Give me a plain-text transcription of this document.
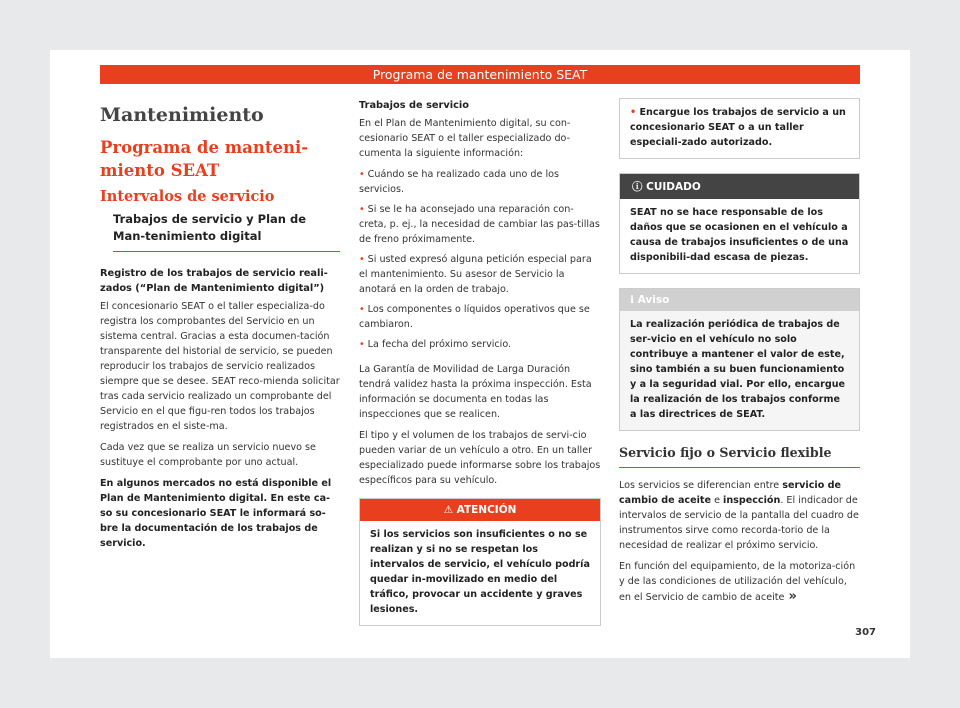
Programa de mantenimiento SEAT
Mantenimiento
Programa de manteni-miento SEAT
Intervalos de servicio
Trabajos de servicio y Plan de Man-tenimiento digital
Registro de los trabajos de servicio reali-zados (“Plan de Mantenimiento digital”)

El concesionario SEAT o el taller especializa-do registra los comprobantes del Servicio en un sistema central. Gracias a esta documen-tación transparente del historial de servicio, se pueden reproducir los trabajos de servicio realizados siempre que se desee. SEAT reco-mienda solicitar tras cada servicio realizado un comprobante del Servicio en el que figu-ren todos los trabajos registrados en el siste-ma.

Cada vez que se realiza un servicio nuevo se sustituye el comprobante por uno actual.

En algunos mercados no está disponible el Plan de Mantenimiento digital. En este ca-so su concesionario SEAT le informará so-bre la documentación de los trabajos de servicio.

Trabajos de servicio

En el Plan de Mantenimiento digital, su con-cesionario SEAT o el taller especializado do-cumenta la siguiente información:

• Cuándo se ha realizado cada uno de los servicios.
• Si se le ha aconsejado una reparación con-creta, p. ej., la necesidad de cambiar las pas-tillas de freno próximamente.
• Si usted expresó alguna petición especial para el mantenimiento. Su asesor de Servicio la anotará en la orden de trabajo.
• Los componentes o líquidos operativos que se cambiaron.
• La fecha del próximo servicio.

La Garantía de Movilidad de Larga Duración tendrá validez hasta la próxima inspección. Esta información se documenta en todas las inspecciones que se realicen.

El tipo y el volumen de los trabajos de servi-cio pueden variar de un vehículo a otro. En un taller especializado puede informarse sobre los trabajos específicos para su vehículo.

⚠ ATENCIÓN
Si los servicios son insuficientes o no se realizan y si no se respetan los intervalos de servicio, el vehículo podría quedar in-movilizado en medio del tráfico, provocar un accidente y graves lesiones.
• Encargue los trabajos de servicio a un concesionario SEAT o a un taller especiali-zado autorizado.
ⓘ CUIDADO
SEAT no se hace responsable de los daños que se ocasionen en el vehículo a causa de trabajos insuficientes o de una disponibili-dad escasa de piezas.
ℹ Aviso
La realización periódica de trabajos de ser-vicio en el vehículo no solo contribuye a mantener el valor de este, sino también a su buen funcionamiento y a la seguridad vial. Por ello, encargue la realización de los trabajos conforme a las directrices de SEAT.
Servicio fijo o Servicio flexible

Los servicios se diferencian entre servicio de cambio de aceite e inspección. El indicador de intervalos de servicio de la pantalla del cuadro de instrumentos sirve como recorda-torio de la necesidad de realizar el próximo servicio.

En función del equipamiento, de la motoriza-ción y de las condiciones de utilización del vehículo, en el Servicio de cambio de aceite »

307
